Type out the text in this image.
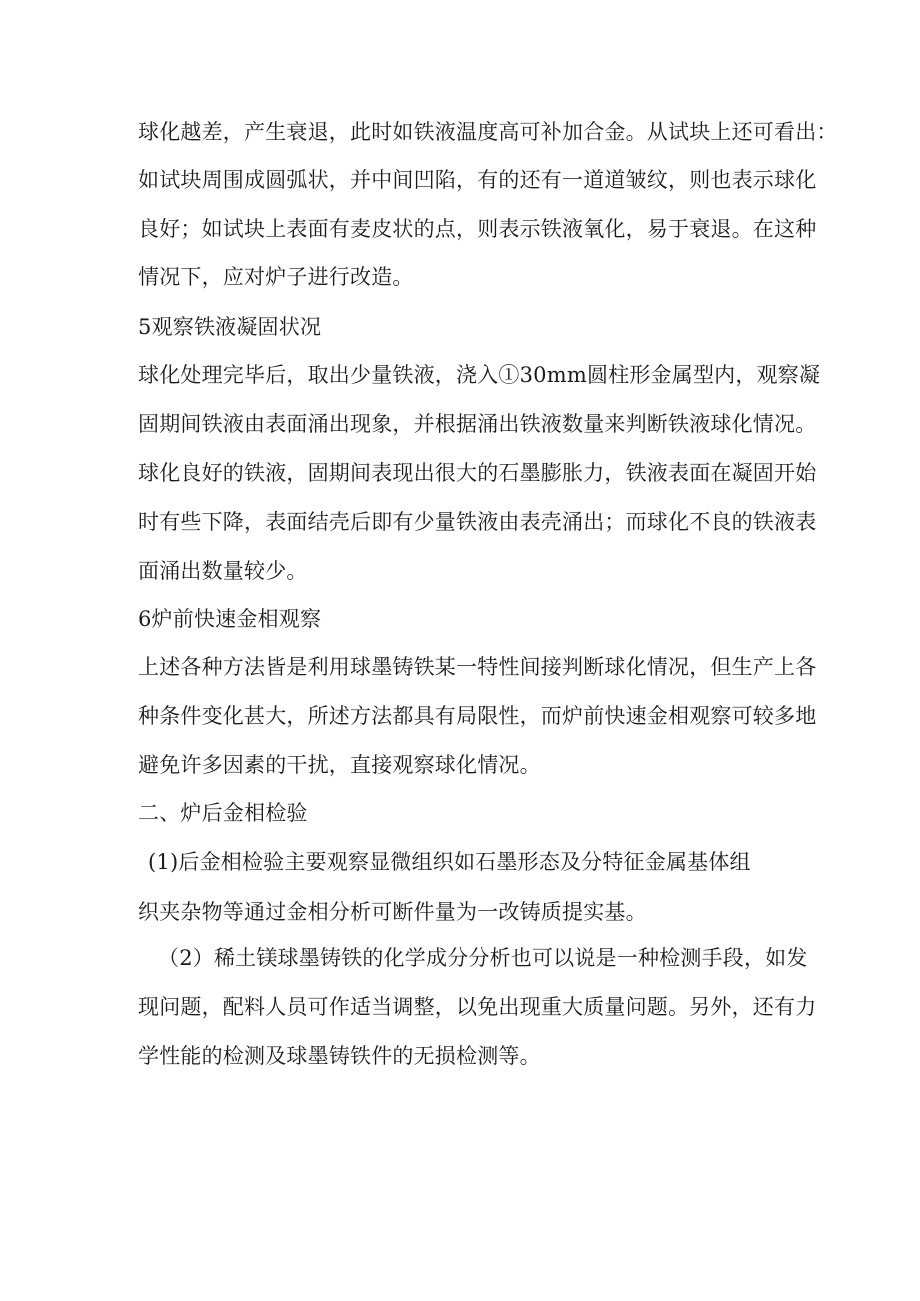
球化越差，产生衰退，此时如铁液温度高可补加合金。从试块上还可看出：
如试块周围成圆弧状，并中间凹陷，有的还有一道道皱纹，则也表示球化
良好；如试块上表面有麦皮状的点，则表示铁液氧化，易于衰退。在这种
情况下，应对炉子进行改造。
5观察铁液凝固状况
球化处理完毕后，取出少量铁液，浇入①30mm圆柱形金属型内，观察凝
固期间铁液由表面涌出现象，并根据涌出铁液数量来判断铁液球化情况。
球化良好的铁液，固期间表现出很大的石墨膨胀力，铁液表面在凝固开始
时有些下降，表面结壳后即有少量铁液由表壳涌出；而球化不良的铁液表
面涌出数量较少。
6炉前快速金相观察
上述各种方法皆是利用球墨铸铁某一特性间接判断球化情况，但生产上各
种条件变化甚大，所述方法都具有局限性，而炉前快速金相观察可较多地
避免许多因素的干扰，直接观察球化情况。
二、炉后金相检验
(1)后金相检验主要观察显微组织如石墨形态及分特征金属基体组
织夹杂物等通过金相分析可断件量为一改铸质提实基。
（2）稀土镁球墨铸铁的化学成分分析也可以说是一种检测手段，如发
现问题，配料人员可作适当调整，以免出现重大质量问题。另外，还有力
学性能的检测及球墨铸铁件的无损检测等。
